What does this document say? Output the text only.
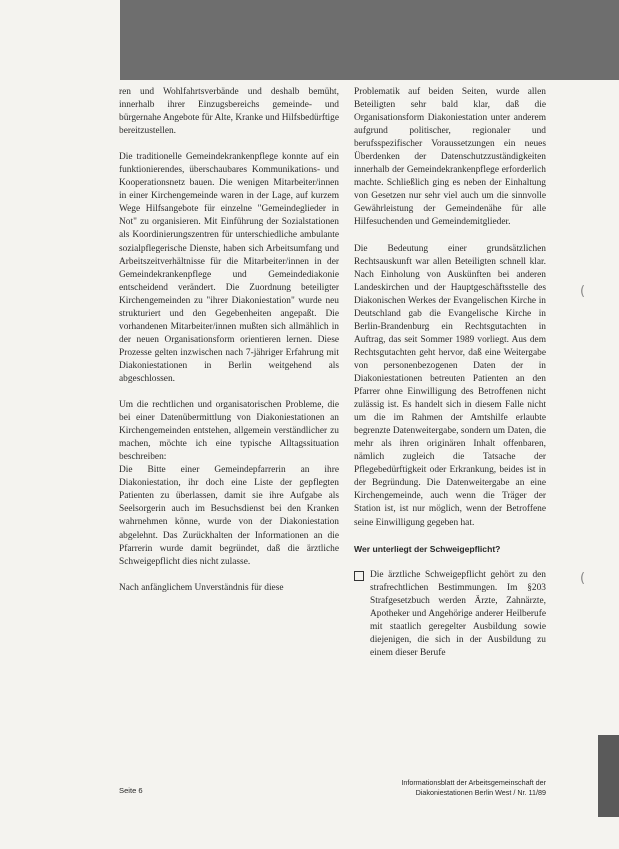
ren und Wohlfahrtsverbände und deshalb bemüht, innerhalb ihrer Einzugsbereichs gemeinde- und bürgernahe Angebote für Alte, Kranke und Hilfsbedürftige bereitzustellen.

Die traditionelle Gemeindekrankenpflege konnte auf ein funktionierendes, überschaubares Kommunikations- und Kooperationsnetz bauen. Die wenigen Mitarbeiter/innen in einer Kirchengemeinde waren in der Lage, auf kurzem Wege Hilfsangebote für einzelne "Gemeindeglieder in Not" zu organisieren. Mit Einführung der Sozialstationen als Koordinierungszentren für unterschiedliche ambulante sozialpflegerische Dienste, haben sich Arbeitsumfang und Arbeitszeitverhältnisse für die Mitarbeiter/innen in der Gemeindekrankenpflege und Gemeindediakonie entscheidend verändert. Die Zuordnung beteiligter Kirchengemeinden zu "ihrer Diakoniestation" wurde neu strukturiert und den Gegebenheiten angepaßt. Die vorhandenen Mitarbeiter/innen mußten sich allmählich in der neuen Organisationsform orientieren lernen. Diese Prozesse gelten inzwischen nach 7-jähriger Erfahrung mit Diakoniestationen in Berlin weitgehend als abgeschlossen.

Um die rechtlichen und organisatorischen Probleme, die bei einer Datenübermittlung von Diakoniestationen an Kirchengemeinden entstehen, allgemein verständlicher zu machen, möchte ich eine typische Alltagssituation beschreiben:

Die Bitte einer Gemeindepfarrerin an ihre Diakoniestation, ihr doch eine Liste der gepflegten Patienten zu überlassen, damit sie ihre Aufgabe als Seelsorgerin auch im Besuchsdienst bei den Kranken wahrnehmen könne, wurde von der Diakoniestation abgelehnt. Das Zurückhalten der Informationen an die Pfarrerin wurde damit begründet, daß die ärztliche Schweigepflicht dies nicht zulasse.

Nach anfänglichem Unverständnis für diese

Problematik auf beiden Seiten, wurde allen Beteiligten sehr bald klar, daß die Organisationsform Diakoniestation unter anderem aufgrund politischer, regionaler und berufsspezifischer Voraussetzungen ein neues Überdenken der Datenschutzzuständigkeiten innerhalb der Gemeindekrankenpflege erforderlich machte. Schließlich ging es neben der Einhaltung von Gesetzen nur sehr viel auch um die sinnvolle Gewährleistung der Gemeindenähe für alle Hilfesuchenden und Gemeindemitglieder.

Die Bedeutung einer grundsätzlichen Rechtsauskunft war allen Beteiligten schnell klar. Nach Einholung von Auskünften bei anderen Landeskirchen und der Hauptgeschäftsstelle des Diakonischen Werkes der Evangelischen Kirche in Deutschland gab die Evangelische Kirche in Berlin-Brandenburg ein Rechtsgutachten in Auftrag, das seit Sommer 1989 vorliegt. Aus dem Rechtsgutachten geht hervor, daß eine Weitergabe von personenbezogenen Daten der in Diakoniestationen betreuten Patienten an den Pfarrer ohne Einwilligung des Betroffenen nicht zulässig ist. Es handelt sich in diesem Falle nicht um die im Rahmen der Amtshilfe erlaubte begrenzte Datenweitergabe, sondern um Daten, die mehr als ihren originären Inhalt offenbaren, nämlich zugleich die Tatsache der Pflegebedürftigkeit oder Erkrankung, beides ist in der Begründung. Die Datenweitergabe an eine Kirchengemeinde, auch wenn die Träger der Station ist, ist nur möglich, wenn der Betroffene seine Einwilligung gegeben hat.

Wer unterliegt der Schweigepflicht?

Die ärztliche Schweigepflicht gehört zu den strafrechtlichen Bestimmungen. Im §203 Strafgesetzbuch werden Ärzte, Zahnärzte, Apotheker und Angehörige anderer Heilberufe mit staatlich geregelter Ausbildung sowie diejenigen, die sich in der Ausbildung zu einem dieser Berufe

(
(
Seite 6
Informationsblatt der Arbeitsgemeinschaft der
Diakoniestationen Berlin West / Nr. 11/89
